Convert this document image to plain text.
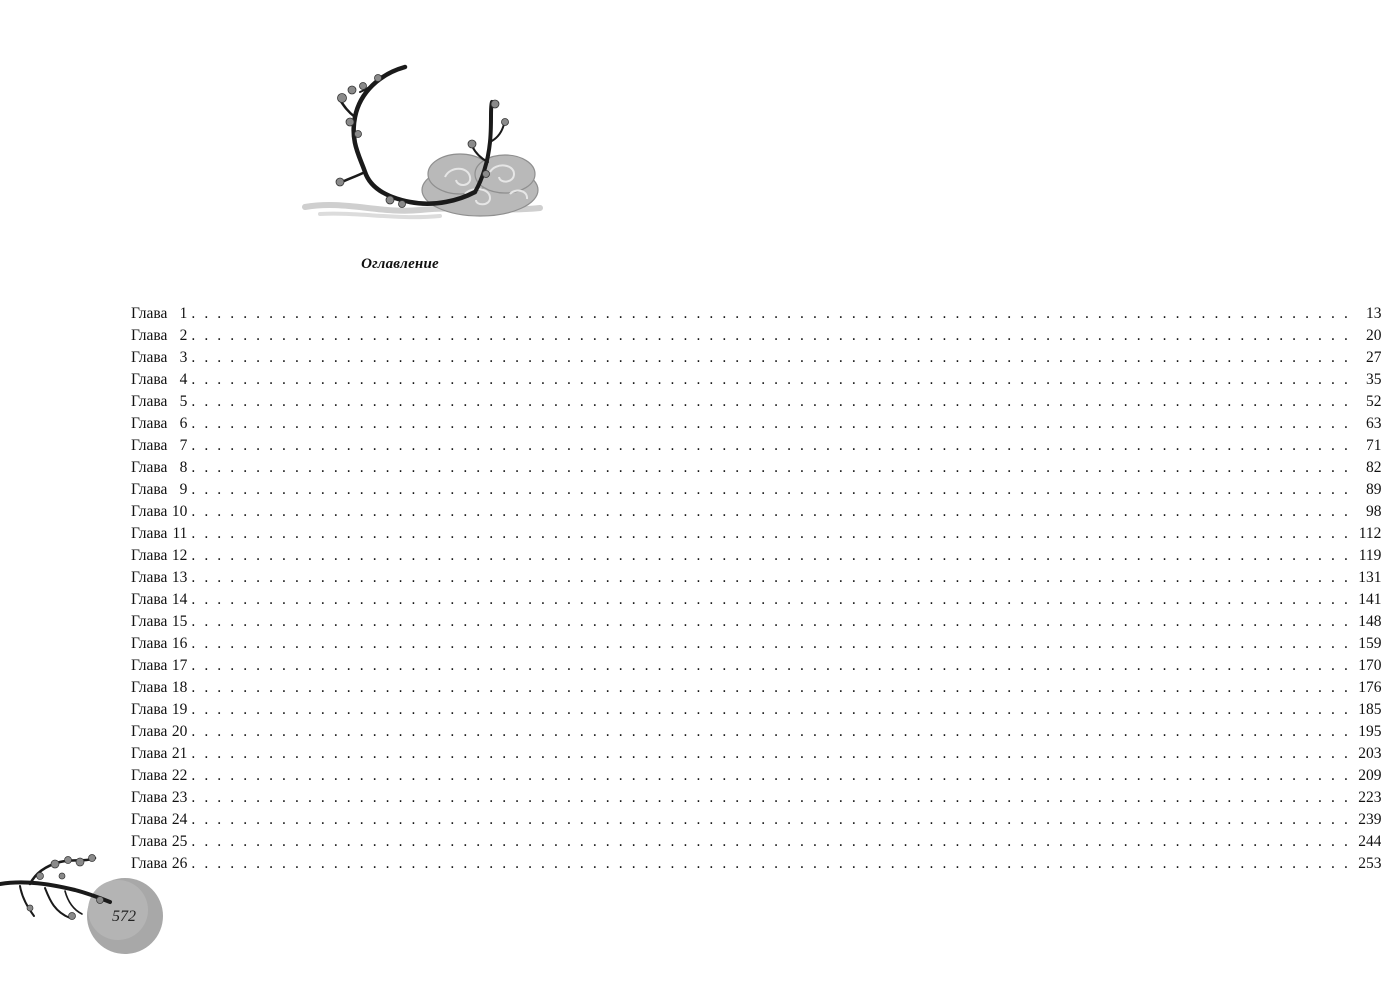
Оглавление
Глава 1 . . . . . . . . . . . . . . . . . . . . . . . . . . . . . . . . . . . . . . . . . . . . . . . . . . . . . . . . . . . . . . . . . . . . . . . . . . . . . . . . . . . . . . . . . .	13
Глава 2 . . . . . . . . . . . . . . . . . . . . . . . . . . . . . . . . . . . . . . . . . . . . . . . . . . . . . . . . . . . . . . . . . . . . . . . . . . . . . . . . . . . . . . . . . .	20
Глава 3 . . . . . . . . . . . . . . . . . . . . . . . . . . . . . . . . . . . . . . . . . . . . . . . . . . . . . . . . . . . . . . . . . . . . . . . . . . . . . . . . . . . . . . . . . .	27
Глава 4 . . . . . . . . . . . . . . . . . . . . . . . . . . . . . . . . . . . . . . . . . . . . . . . . . . . . . . . . . . . . . . . . . . . . . . . . . . . . . . . . . . . . . . . . . .	35
Глава 5 . . . . . . . . . . . . . . . . . . . . . . . . . . . . . . . . . . . . . . . . . . . . . . . . . . . . . . . . . . . . . . . . . . . . . . . . . . . . . . . . . . . . . . . . . .	52
Глава 6 . . . . . . . . . . . . . . . . . . . . . . . . . . . . . . . . . . . . . . . . . . . . . . . . . . . . . . . . . . . . . . . . . . . . . . . . . . . . . . . . . . . . . . . . . .	63
Глава 7 . . . . . . . . . . . . . . . . . . . . . . . . . . . . . . . . . . . . . . . . . . . . . . . . . . . . . . . . . . . . . . . . . . . . . . . . . . . . . . . . . . . . . . . . . .	71
Глава 8 . . . . . . . . . . . . . . . . . . . . . . . . . . . . . . . . . . . . . . . . . . . . . . . . . . . . . . . . . . . . . . . . . . . . . . . . . . . . . . . . . . . . . . . . . .	82
Глава 9 . . . . . . . . . . . . . . . . . . . . . . . . . . . . . . . . . . . . . . . . . . . . . . . . . . . . . . . . . . . . . . . . . . . . . . . . . . . . . . . . . . . . . . . . . .	89
Глава 10 . . . . . . . . . . . . . . . . . . . . . . . . . . . . . . . . . . . . . . . . . . . . . . . . . . . . . . . . . . . . . . . . . . . . . . . . . . . . . . . . . . . . . . . . . .	98
Глава 11 . . . . . . . . . . . . . . . . . . . . . . . . . . . . . . . . . . . . . . . . . . . . . . . . . . . . . . . . . . . . . . . . . . . . . . . . . . . . . . . . . . . . . . . . . . 112
Глава 12 . . . . . . . . . . . . . . . . . . . . . . . . . . . . . . . . . . . . . . . . . . . . . . . . . . . . . . . . . . . . . . . . . . . . . . . . . . . . . . . . . . . . . . . . . . 119
Глава 13 . . . . . . . . . . . . . . . . . . . . . . . . . . . . . . . . . . . . . . . . . . . . . . . . . . . . . . . . . . . . . . . . . . . . . . . . . . . . . . . . . . . . . . . . . . 131
Глава 14 . . . . . . . . . . . . . . . . . . . . . . . . . . . . . . . . . . . . . . . . . . . . . . . . . . . . . . . . . . . . . . . . . . . . . . . . . . . . . . . . . . . . . . . . . . 141
Глава 15 . . . . . . . . . . . . . . . . . . . . . . . . . . . . . . . . . . . . . . . . . . . . . . . . . . . . . . . . . . . . . . . . . . . . . . . . . . . . . . . . . . . . . . . . . . 148
Глава 16 . . . . . . . . . . . . . . . . . . . . . . . . . . . . . . . . . . . . . . . . . . . . . . . . . . . . . . . . . . . . . . . . . . . . . . . . . . . . . . . . . . . . . . . . . . 159
Глава 17 . . . . . . . . . . . . . . . . . . . . . . . . . . . . . . . . . . . . . . . . . . . . . . . . . . . . . . . . . . . . . . . . . . . . . . . . . . . . . . . . . . . . . . . . . . 170
Глава 18 . . . . . . . . . . . . . . . . . . . . . . . . . . . . . . . . . . . . . . . . . . . . . . . . . . . . . . . . . . . . . . . . . . . . . . . . . . . . . . . . . . . . . . . . . . 176
Глава 19 . . . . . . . . . . . . . . . . . . . . . . . . . . . . . . . . . . . . . . . . . . . . . . . . . . . . . . . . . . . . . . . . . . . . . . . . . . . . . . . . . . . . . . . . . . 185
Глава 20 . . . . . . . . . . . . . . . . . . . . . . . . . . . . . . . . . . . . . . . . . . . . . . . . . . . . . . . . . . . . . . . . . . . . . . . . . . . . . . . . . . . . . . . . . . 195
Глава 21 . . . . . . . . . . . . . . . . . . . . . . . . . . . . . . . . . . . . . . . . . . . . . . . . . . . . . . . . . . . . . . . . . . . . . . . . . . . . . . . . . . . . . . . . . . 203
Глава 22 . . . . . . . . . . . . . . . . . . . . . . . . . . . . . . . . . . . . . . . . . . . . . . . . . . . . . . . . . . . . . . . . . . . . . . . . . . . . . . . . . . . . . . . . . . 209
Глава 23 . . . . . . . . . . . . . . . . . . . . . . . . . . . . . . . . . . . . . . . . . . . . . . . . . . . . . . . . . . . . . . . . . . . . . . . . . . . . . . . . . . . . . . . . . . 223
Глава 24 . . . . . . . . . . . . . . . . . . . . . . . . . . . . . . . . . . . . . . . . . . . . . . . . . . . . . . . . . . . . . . . . . . . . . . . . . . . . . . . . . . . . . . . . . . 239
Глава 25 . . . . . . . . . . . . . . . . . . . . . . . . . . . . . . . . . . . . . . . . . . . . . . . . . . . . . . . . . . . . . . . . . . . . . . . . . . . . . . . . . . . . . . . . . . 244
Глава 26 . . . . . . . . . . . . . . . . . . . . . . . . . . . . . . . . . . . . . . . . . . . . . . . . . . . . . . . . . . . . . . . . . . . . . . . . . . . . . . . . . . . . . . . . . . 253
572
